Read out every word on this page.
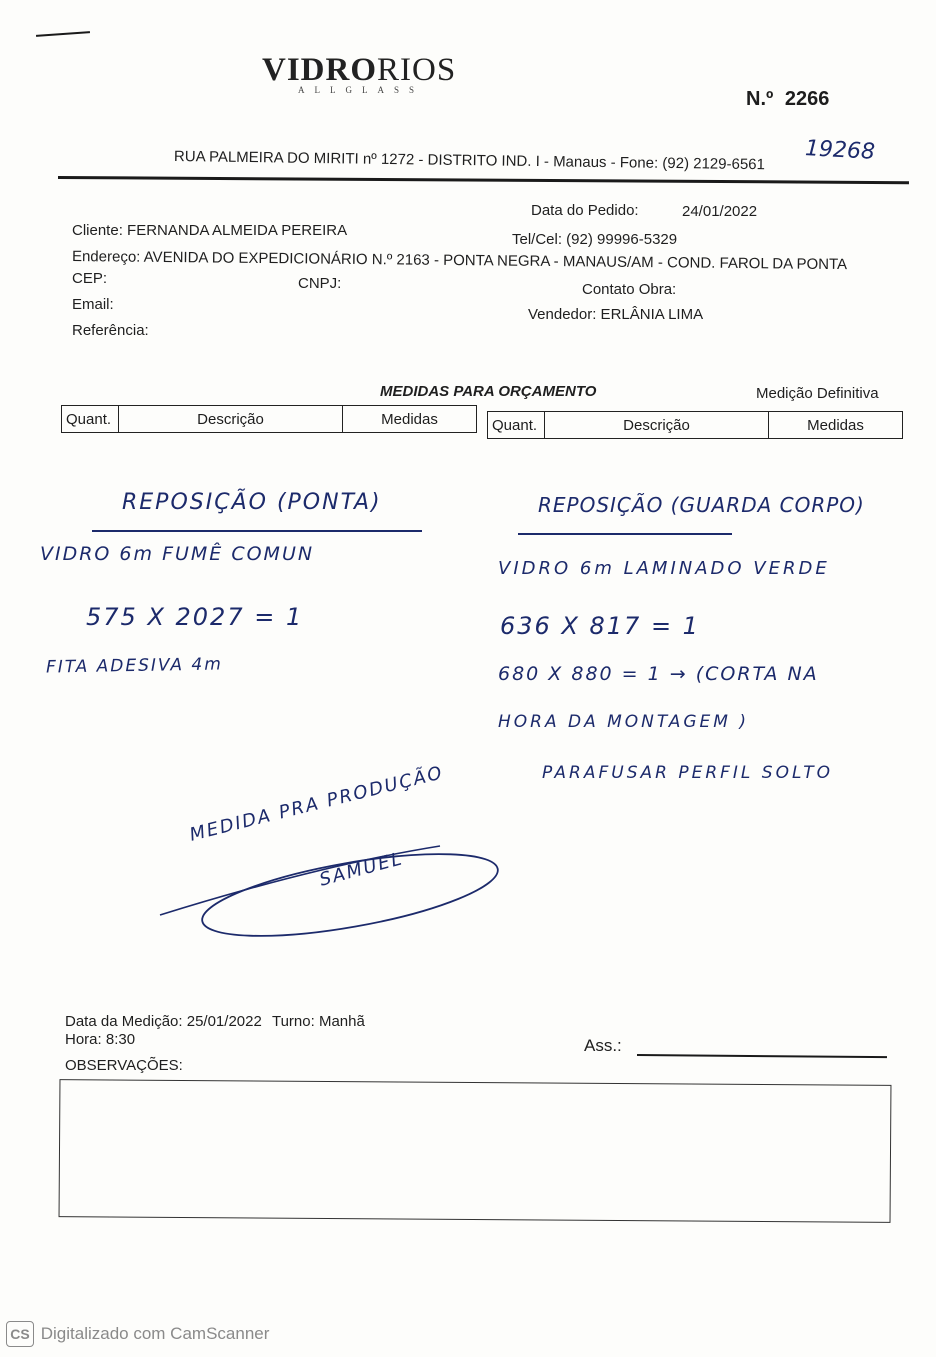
VIDRORIOS
ALLGLASS	N.º 2266
19268
RUA PALMEIRA DO MIRITI nº 1272 - DISTRITO IND. I - Manaus - Fone: (92) 2129-6561
Data do Pedido:	24/01/2022
Cliente: FERNANDA ALMEIDA PEREIRA
Tel/Cel: (92) 99996-5329
Endereço: AVENIDA DO EXPEDICIONÁRIO N.º 2163 - PONTA NEGRA - MANAUS/AM - COND. FAROL DA PONTA
CEP:	CNPJ:	Contato Obra:
Email:
Vendedor: ERLÂNIA LIMA
Referência:
MEDIDAS PARA ORÇAMENTO	Medição Definitiva
Quant.	Descrição	Medidas	Quant.	Descrição	Medidas
REPOSIÇÃO (PONTA)
VIDRO 6m FUMÊ COMUN
575 X 2027 = 1
FITA ADESIVA 4m
REPOSIÇÃO (GUARDA CORPO)
VIDRO 6m LAMINADO VERDE
636 X 817 = 1
680 X 880 = 1 → (CORTA NA
HORA DA MONTAGEM )
PARAFUSAR PERFIL SOLTO
MEDIDA PRA PRODUÇÃO
SAMUEL
Data da Medição: 25/01/2022 Turno: Manhã
Hora: 8:30	Ass.:
OBSERVAÇÕES:
CS Digitalizado com CamScanner
